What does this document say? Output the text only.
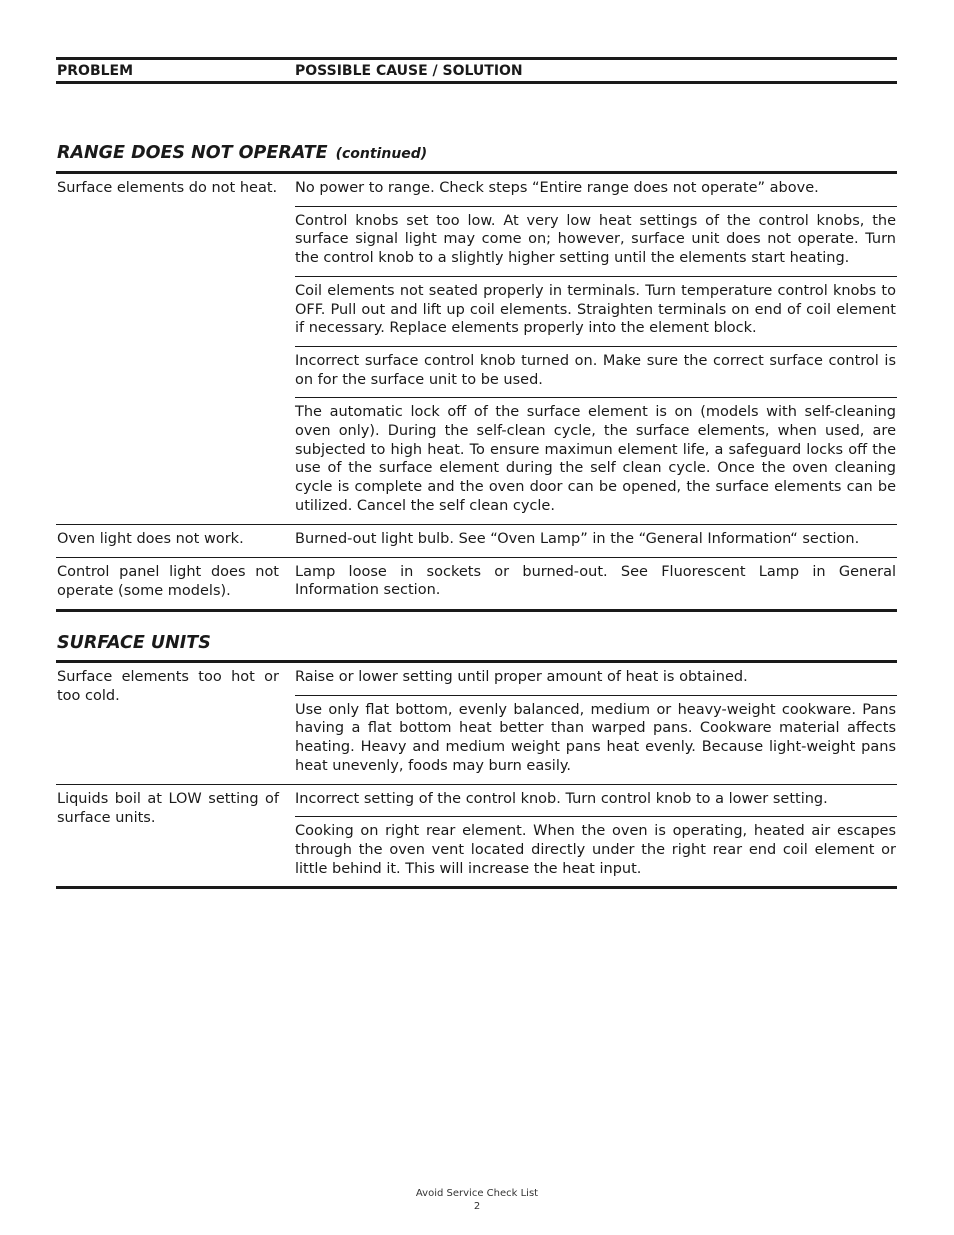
PROBLEM	POSSIBLE CAUSE / SOLUTION
RANGE DOES NOT OPERATE (continued)
Surface elements do not heat. No power to range. Check steps “Entire range does not operate” above.
Control knobs set too low. At very low heat settings of the control knobs, the surface signal light may come on; however, surface unit does not operate. Turn the control knob to a slightly higher setting until the elements start heating.
Coil elements not seated properly in terminals. Turn temperature control knobs to OFF. Pull out and lift up coil elements. Straighten terminals on end of coil element if necessary. Replace elements properly into the element block.
Incorrect surface control knob turned on. Make sure the correct surface control is on for the surface unit to be used.
The automatic lock off of the surface element is on (models with self-cleaning oven only). During the self-clean cycle, the surface elements, when used, are subjected to high heat. To ensure maximun element life, a safeguard locks off the use of the surface element during the self clean cycle. Once the oven cleaning cycle is complete and the oven door can be opened, the surface elements can be utilized. Cancel the self clean cycle.
Oven light does not work.	Burned-out light bulb. See “Oven Lamp” in the “General Information“ section.
Control panel light does not operate (some models).
Lamp loose in sockets or burned-out. See Fluorescent Lamp in General Information section.
SURFACE UNITS
Surface elements too hot or too cold.
Raise or lower setting until proper amount of heat is obtained.
Use only flat bottom, evenly balanced, medium or heavy-weight cookware. Pans having a flat bottom heat better than warped pans. Cookware material affects heating. Heavy and medium weight pans heat evenly. Because light-weight pans heat unevenly, foods may burn easily.
Liquids boil at LOW setting of surface units.
Incorrect setting of the control knob. Turn control knob to a lower setting.
Cooking on right rear element. When the oven is operating, heated air escapes through the oven vent located directly under the right rear end coil element or little behind it. This will increase the heat input.
Avoid Service Check List
2
